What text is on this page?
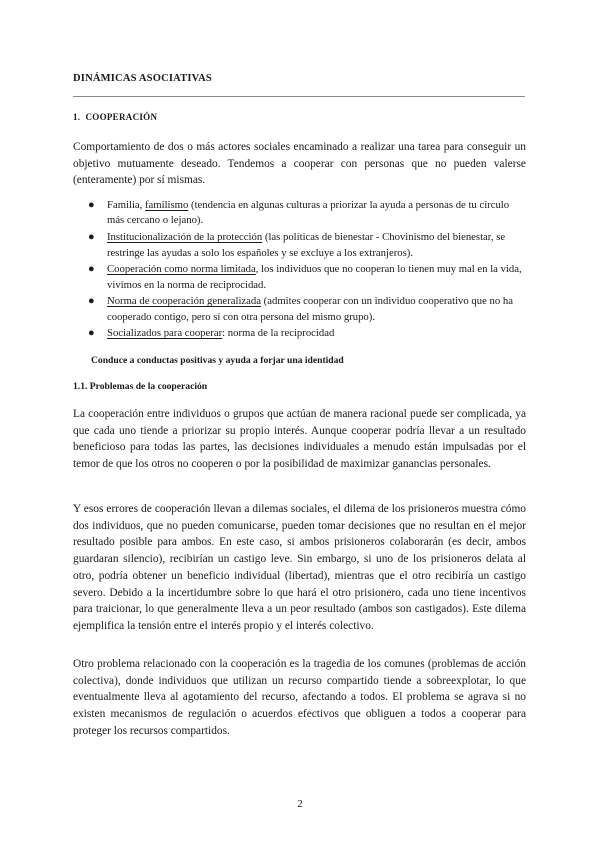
DINÁMICAS ASOCIATIVAS
1. COOPERACIÓN
Comportamiento de dos o más actores sociales encaminado a realizar una tarea para conseguir un objetivo mutuamente deseado. Tendemos a cooperar con personas que no pueden valerse (enteramente) por sí mismas.
● Familia, familismo (tendencia en algunas culturas a priorizar la ayuda a personas de tu círculo más cercano o lejano).
● Institucionalización de la protección (las políticas de bienestar - Chovinismo del bienestar, se restringe las ayudas a solo los españoles y se excluye a los extranjeros).
● Cooperación como norma limitada, los individuos que no cooperan lo tienen muy mal en la vida, vivimos en la norma de reciprocidad.
● Norma de cooperación generalizada (admites cooperar con un individuo cooperativo que no ha cooperado contigo, pero sí con otra persona del mismo grupo).
● Socializados para cooperar: norma de la reciprocidad
Conduce a conductas positivas y ayuda a forjar una identidad
1.1. Problemas de la cooperación
La cooperación entre individuos o grupos que actúan de manera racional puede ser complicada, ya que cada uno tiende a priorizar su propio interés. Aunque cooperar podría llevar a un resultado beneficioso para todas las partes, las decisiones individuales a menudo están impulsadas por el temor de que los otros no cooperen o por la posibilidad de maximizar ganancias personales.
Y esos errores de cooperación llevan a dilemas sociales, el dilema de los prisioneros muestra cómo dos individuos, que no pueden comunicarse, pueden tomar decisiones que no resultan en el mejor resultado posible para ambos. En este caso, si ambos prisioneros colaborarán (es decir, ambos guardaran silencio), recibirían un castigo leve. Sin embargo, si uno de los prisioneros delata al otro, podría obtener un beneficio individual (libertad), mientras que el otro recibiría un castigo severo. Debido a la incertidumbre sobre lo que hará el otro prisionero, cada uno tiene incentivos para traicionar, lo que generalmente lleva a un peor resultado (ambos son castigados). Este dilema ejemplifica la tensión entre el interés propio y el interés colectivo.
Otro problema relacionado con la cooperación es la tragedia de los comunes (problemas de acción colectiva), donde individuos que utilizan un recurso compartido tiende a sobreexplotar, lo que eventualmente lleva al agotamiento del recurso, afectando a todos. El problema se agrava si no existen mecanismos de regulación o acuerdos efectivos que obliguen a todos a cooperar para proteger los recursos compartidos.
2
